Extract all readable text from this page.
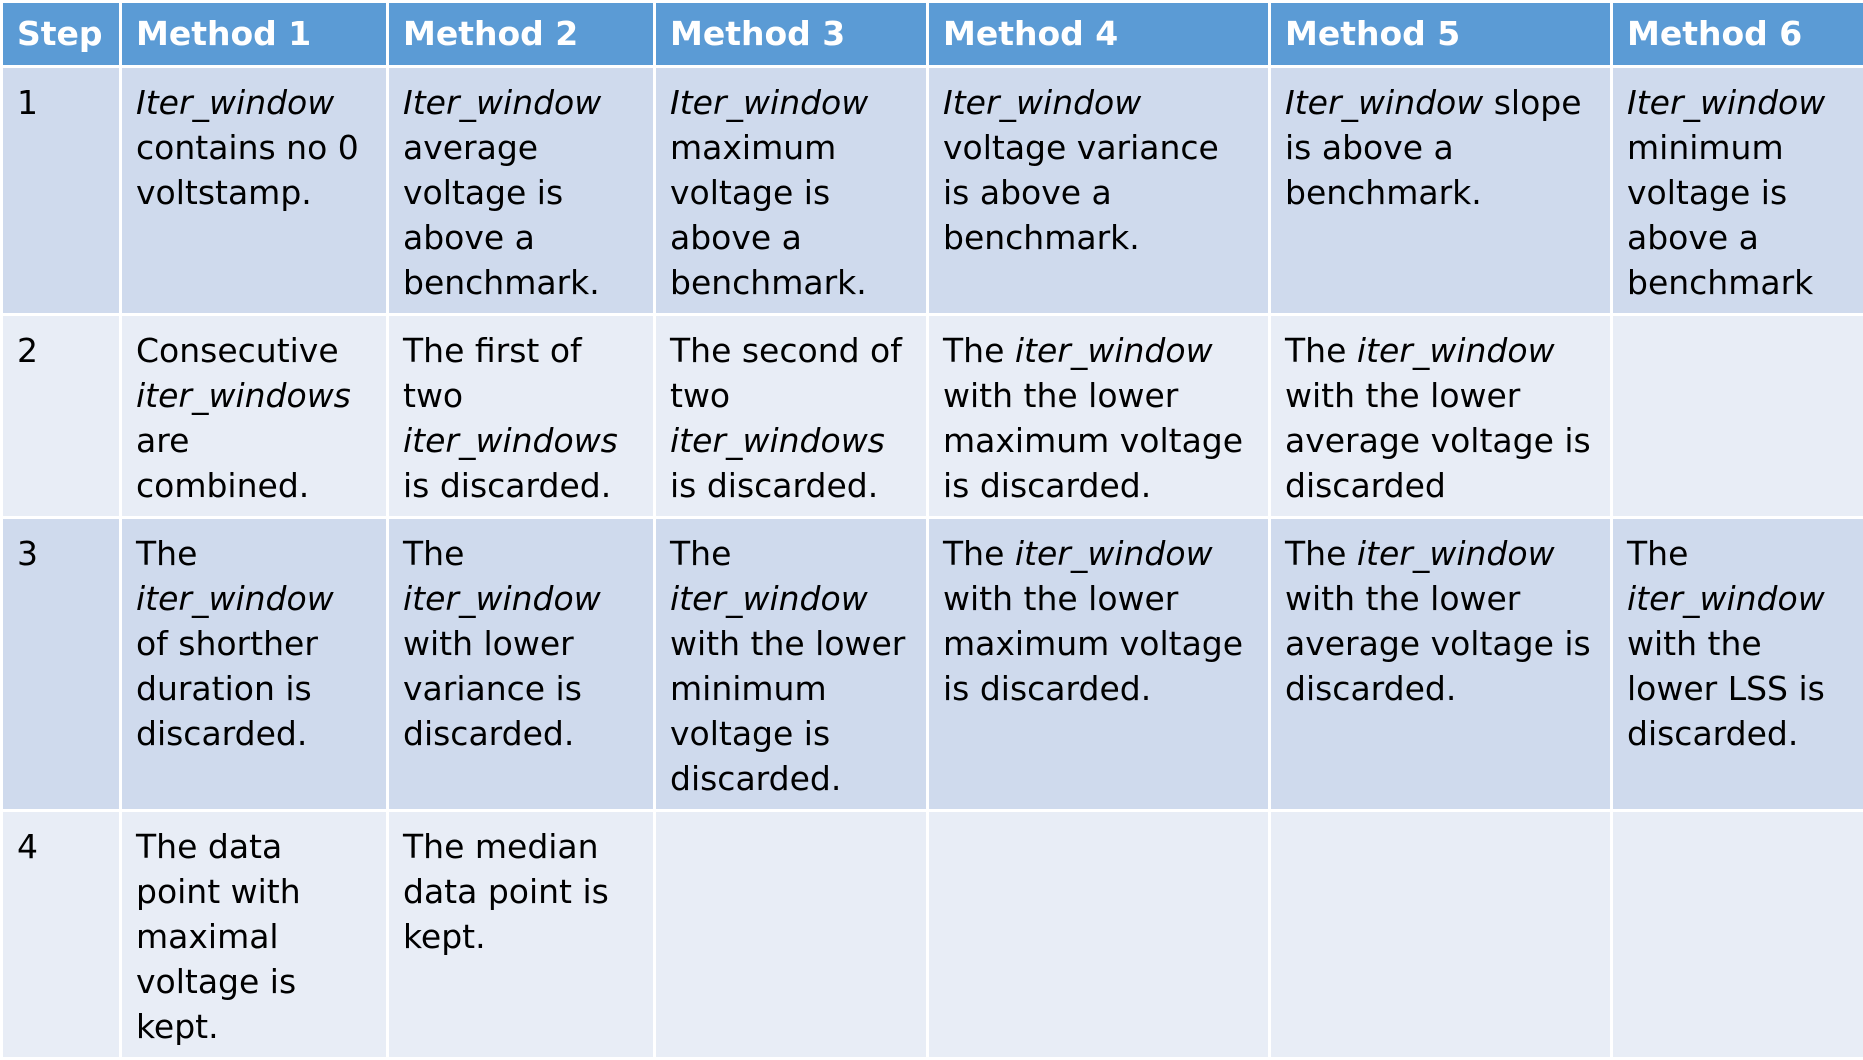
Step	Method 1	Method 2	Method 3	Method 4	Method 5	Method 6
1	Iter_window contains no 0 voltstamp.	Iter_window average voltage is above a benchmark.	Iter_window maximum voltage is above a benchmark.	Iter_window voltage variance is above a benchmark.	Iter_window slope is above a benchmark.	Iter_window minimum voltage is above a benchmark
2	Consecutive iter_windows are combined.	The first of two iter_windows is discarded.	The second of two iter_windows is discarded.	The iter_window with the lower maximum voltage is discarded.	The iter_window with the lower average voltage is discarded	
3	The iter_window of shorther duration is discarded.	The iter_window with lower variance is discarded.	The iter_window with the lower minimum voltage is discarded.	The iter_window with the lower maximum voltage is discarded.	The iter_window with the lower average voltage is discarded.	The iter_window with the lower LSS is discarded.
4	The data point with maximal voltage is kept.	The median data point is kept.				
